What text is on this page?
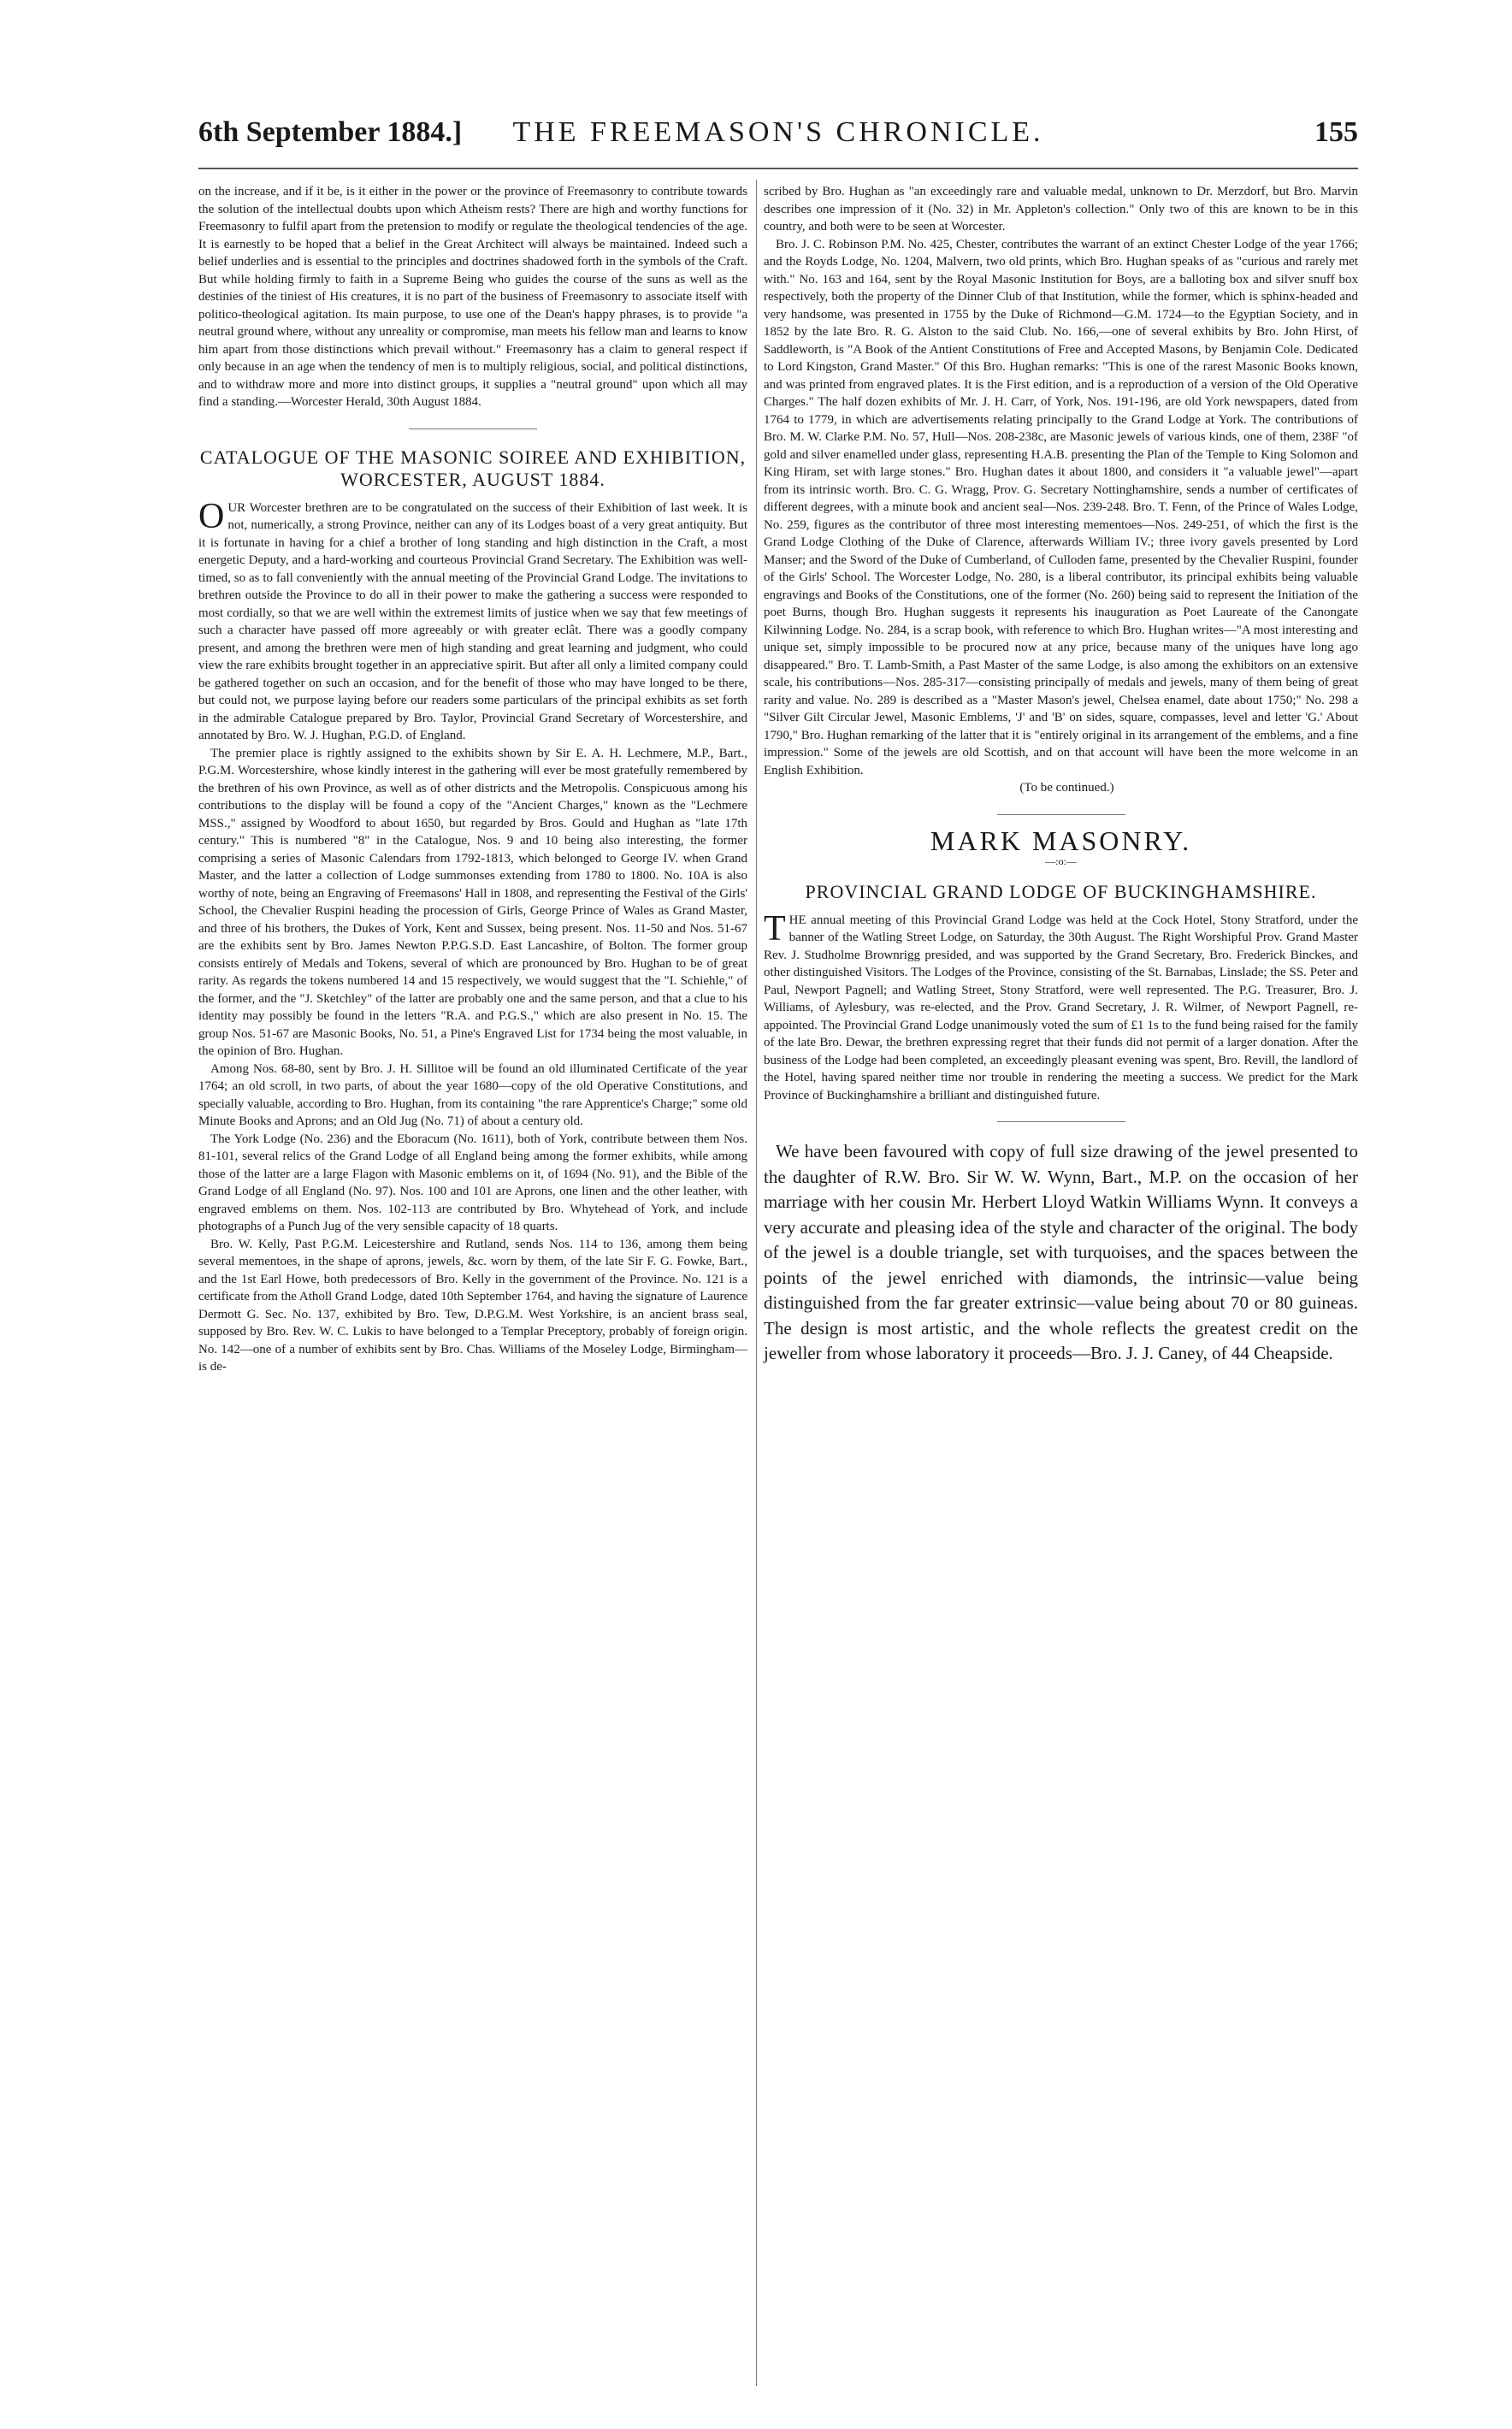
6th September 1884.]	THE FREEMASON'S CHRONICLE.	155

on the increase, and if it be, is it either in the power or the province of Freemasonry to contribute towards the solution of the intellectual doubts upon which Atheism rests? There are high and worthy functions for Freemasonry to fulfil apart from the pretension to modify or regulate the theological tendencies of the age. It is earnestly to be hoped that a belief in the Great Architect will always be maintained. Indeed such a belief underlies and is essential to the principles and doctrines shadowed forth in the symbols of the Craft. But while holding firmly to faith in a Supreme Being who guides the course of the suns as well as the destinies of the tiniest of His creatures, it is no part of the business of Freemasonry to associate itself with politico-theological agitation. Its main purpose, to use one of the Dean's happy phrases, is to provide "a neutral ground where, without any unreality or compromise, man meets his fellow man and learns to know him apart from those distinctions which prevail without." Freemasonry has a claim to general respect if only because in an age when the tendency of men is to multiply religious, social, and political distinctions, and to withdraw more and more into distinct groups, it supplies a "neutral ground" upon which all may find a standing.—Worcester Herald, 30th August 1884.

CATALOGUE OF THE MASONIC SOIREE AND EXHIBITION, WORCESTER, AUGUST 1884.

OUR Worcester brethren are to be congratulated on the success of their Exhibition of last week. It is not, numerically, a strong Province, neither can any of its Lodges boast of a very great antiquity. But it is fortunate in having for a chief a brother of long standing and high distinction in the Craft, a most energetic Deputy, and a hard-working and courteous Provincial Grand Secretary. The Exhibition was well-timed, so as to fall conveniently with the annual meeting of the Provincial Grand Lodge. The invitations to brethren outside the Province to do all in their power to make the gathering a success were responded to most cordially, so that we are well within the extremest limits of justice when we say that few meetings of such a character have passed off more agreeably or with greater eclât. There was a goodly company present, and among the brethren were men of high standing and great learning and judgment, who could view the rare exhibits brought together in an appreciative spirit. But after all only a limited company could be gathered together on such an occasion, and for the benefit of those who may have longed to be there, but could not, we purpose laying before our readers some particulars of the principal exhibits as set forth in the admirable Catalogue prepared by Bro. Taylor, Provincial Grand Secretary of Worcestershire, and annotated by Bro. W. J. Hughan, P.G.D. of England.

The premier place is rightly assigned to the exhibits shown by Sir E. A. H. Lechmere, M.P., Bart., P.G.M. Worcestershire, whose kindly interest in the gathering will ever be most gratefully remembered by the brethren of his own Province, as well as of other districts and the Metropolis. Conspicuous among his contributions to the display will be found a copy of the "Ancient Charges," known as the "Lechmere MSS.," assigned by Woodford to about 1650, but regarded by Bros. Gould and Hughan as "late 17th century." This is numbered "8" in the Catalogue, Nos. 9 and 10 being also interesting, the former comprising a series of Masonic Calendars from 1792-1813, which belonged to George IV. when Grand Master, and the latter a collection of Lodge summonses extending from 1780 to 1800. No. 10A is also worthy of note, being an Engraving of Freemasons' Hall in 1808, and representing the Festival of the Girls' School, the Chevalier Ruspini heading the procession of Girls, George Prince of Wales as Grand Master, and three of his brothers, the Dukes of York, Kent and Sussex, being present. Nos. 11-50 and Nos. 51-67 are the exhibits sent by Bro. James Newton P.P.G.S.D. East Lancashire, of Bolton. The former group consists entirely of Medals and Tokens, several of which are pronounced by Bro. Hughan to be of great rarity. As regards the tokens numbered 14 and 15 respectively, we would suggest that the "I. Schiehle," of the former, and the "J. Sketchley" of the latter are probably one and the same person, and that a clue to his identity may possibly be found in the letters "R.A. and P.G.S.," which are also present in No. 15. The group Nos. 51-67 are Masonic Books, No. 51, a Pine's Engraved List for 1734 being the most valuable, in the opinion of Bro. Hughan.

Among Nos. 68-80, sent by Bro. J. H. Sillitoe will be found an old illuminated Certificate of the year 1764; an old scroll, in two parts, of about the year 1680—copy of the old Operative Constitutions, and specially valuable, according to Bro. Hughan, from its containing "the rare Apprentice's Charge;" some old Minute Books and Aprons; and an Old Jug (No. 71) of about a century old.

The York Lodge (No. 236) and the Eboracum (No. 1611), both of York, contribute between them Nos. 81-101, several relics of the Grand Lodge of all England being among the former exhibits, while among those of the latter are a large Flagon with Masonic emblems on it, of 1694 (No. 91), and the Bible of the Grand Lodge of all England (No. 97). Nos. 100 and 101 are Aprons, one linen and the other leather, with engraved emblems on them. Nos. 102-113 are contributed by Bro. Whytehead of York, and include photographs of a Punch Jug of the very sensible capacity of 18 quarts.

Bro. W. Kelly, Past P.G.M. Leicestershire and Rutland, sends Nos. 114 to 136, among them being several mementoes, in the shape of aprons, jewels, &c. worn by them, of the late Sir F. G. Fowke, Bart., and the 1st Earl Howe, both predecessors of Bro. Kelly in the government of the Province. No. 121 is a certificate from the Atholl Grand Lodge, dated 10th September 1764, and having the signature of Laurence Dermott G. Sec. No. 137, exhibited by Bro. Tew, D.P.G.M. West Yorkshire, is an ancient brass seal, supposed by Bro. Rev. W. C. Lukis to have belonged to a Templar Preceptory, probably of foreign origin. No. 142—one of a number of exhibits sent by Bro. Chas. Williams of the Moseley Lodge, Birmingham—is de-

scribed by Bro. Hughan as "an exceedingly rare and valuable medal, unknown to Dr. Merzdorf, but Bro. Marvin describes one impression of it (No. 32) in Mr. Appleton's collection." Only two of this are known to be in this country, and both were to be seen at Worcester.

Bro. J. C. Robinson P.M. No. 425, Chester, contributes the warrant of an extinct Chester Lodge of the year 1766; and the Royds Lodge, No. 1204, Malvern, two old prints, which Bro. Hughan speaks of as "curious and rarely met with." No. 163 and 164, sent by the Royal Masonic Institution for Boys, are a balloting box and silver snuff box respectively, both the property of the Dinner Club of that Institution, while the former, which is sphinx-headed and very handsome, was presented in 1755 by the Duke of Richmond—G.M. 1724—to the Egyptian Society, and in 1852 by the late Bro. R. G. Alston to the said Club. No. 166,—one of several exhibits by Bro. John Hirst, of Saddleworth, is "A Book of the Antient Constitutions of Free and Accepted Masons, by Benjamin Cole. Dedicated to Lord Kingston, Grand Master." Of this Bro. Hughan remarks: "This is one of the rarest Masonic Books known, and was printed from engraved plates. It is the First edition, and is a reproduction of a version of the Old Operative Charges." The half dozen exhibits of Mr. J. H. Carr, of York, Nos. 191-196, are old York newspapers, dated from 1764 to 1779, in which are advertisements relating principally to the Grand Lodge at York. The contributions of Bro. M. W. Clarke P.M. No. 57, Hull—Nos. 208-238c, are Masonic jewels of various kinds, one of them, 238F "of gold and silver enamelled under glass, representing H.A.B. presenting the Plan of the Temple to King Solomon and King Hiram, set with large stones." Bro. Hughan dates it about 1800, and considers it "a valuable jewel"—apart from its intrinsic worth. Bro. C. G. Wragg, Prov. G. Secretary Nottinghamshire, sends a number of certificates of different degrees, with a minute book and ancient seal—Nos. 239-248. Bro. T. Fenn, of the Prince of Wales Lodge, No. 259, figures as the contributor of three most interesting mementoes—Nos. 249-251, of which the first is the Grand Lodge Clothing of the Duke of Clarence, afterwards William IV.; three ivory gavels presented by Lord Manser; and the Sword of the Duke of Cumberland, of Culloden fame, presented by the Chevalier Ruspini, founder of the Girls' School. The Worcester Lodge, No. 280, is a liberal contributor, its principal exhibits being valuable engravings and Books of the Constitutions, one of the former (No. 260) being said to represent the Initiation of the poet Burns, though Bro. Hughan suggests it represents his inauguration as Poet Laureate of the Canongate Kilwinning Lodge. No. 284, is a scrap book, with reference to which Bro. Hughan writes—"A most interesting and unique set, simply impossible to be procured now at any price, because many of the uniques have long ago disappeared." Bro. T. Lamb-Smith, a Past Master of the same Lodge, is also among the exhibitors on an extensive scale, his contributions—Nos. 285-317—consisting principally of medals and jewels, many of them being of great rarity and value. No. 289 is described as a "Master Mason's jewel, Chelsea enamel, date about 1750;" No. 298 a "Silver Gilt Circular Jewel, Masonic Emblems, 'J' and 'B' on sides, square, compasses, level and letter 'G.' About 1790," Bro. Hughan remarking of the latter that it is "entirely original in its arrangement of the emblems, and a fine impression." Some of the jewels are old Scottish, and on that account will have been the more welcome in an English Exhibition.

(To be continued.)

MARK MASONRY.
—:o:—
PROVINCIAL GRAND LODGE OF BUCKINGHAMSHIRE.

THE annual meeting of this Provincial Grand Lodge was held at the Cock Hotel, Stony Stratford, under the banner of the Watling Street Lodge, on Saturday, the 30th August. The Right Worshipful Prov. Grand Master Rev. J. Studholme Brownrigg presided, and was supported by the Grand Secretary, Bro. Frederick Binckes, and other distinguished Visitors. The Lodges of the Province, consisting of the St. Barnabas, Linslade; the SS. Peter and Paul, Newport Pagnell; and Watling Street, Stony Stratford, were well represented. The P.G. Treasurer, Bro. J. Williams, of Aylesbury, was re-elected, and the Prov. Grand Secretary, J. R. Wilmer, of Newport Pagnell, re-appointed. The Provincial Grand Lodge unanimously voted the sum of £1 1s to the fund being raised for the family of the late Bro. Dewar, the brethren expressing regret that their funds did not permit of a larger donation. After the business of the Lodge had been completed, an exceedingly pleasant evening was spent, Bro. Revill, the landlord of the Hotel, having spared neither time nor trouble in rendering the meeting a success. We predict for the Mark Province of Buckinghamshire a brilliant and distinguished future.

We have been favoured with copy of full size drawing of the jewel presented to the daughter of R.W. Bro. Sir W. W. Wynn, Bart., M.P. on the occasion of her marriage with her cousin Mr. Herbert Lloyd Watkin Williams Wynn. It conveys a very accurate and pleasing idea of the style and character of the original. The body of the jewel is a double triangle, set with turquoises, and the spaces between the points of the jewel enriched with diamonds, the intrinsic—value being distinguished from the far greater extrinsic—value being about 70 or 80 guineas. The design is most artistic, and the whole reflects the greatest credit on the jeweller from whose laboratory it proceeds—Bro. J. J. Caney, of 44 Cheapside.
